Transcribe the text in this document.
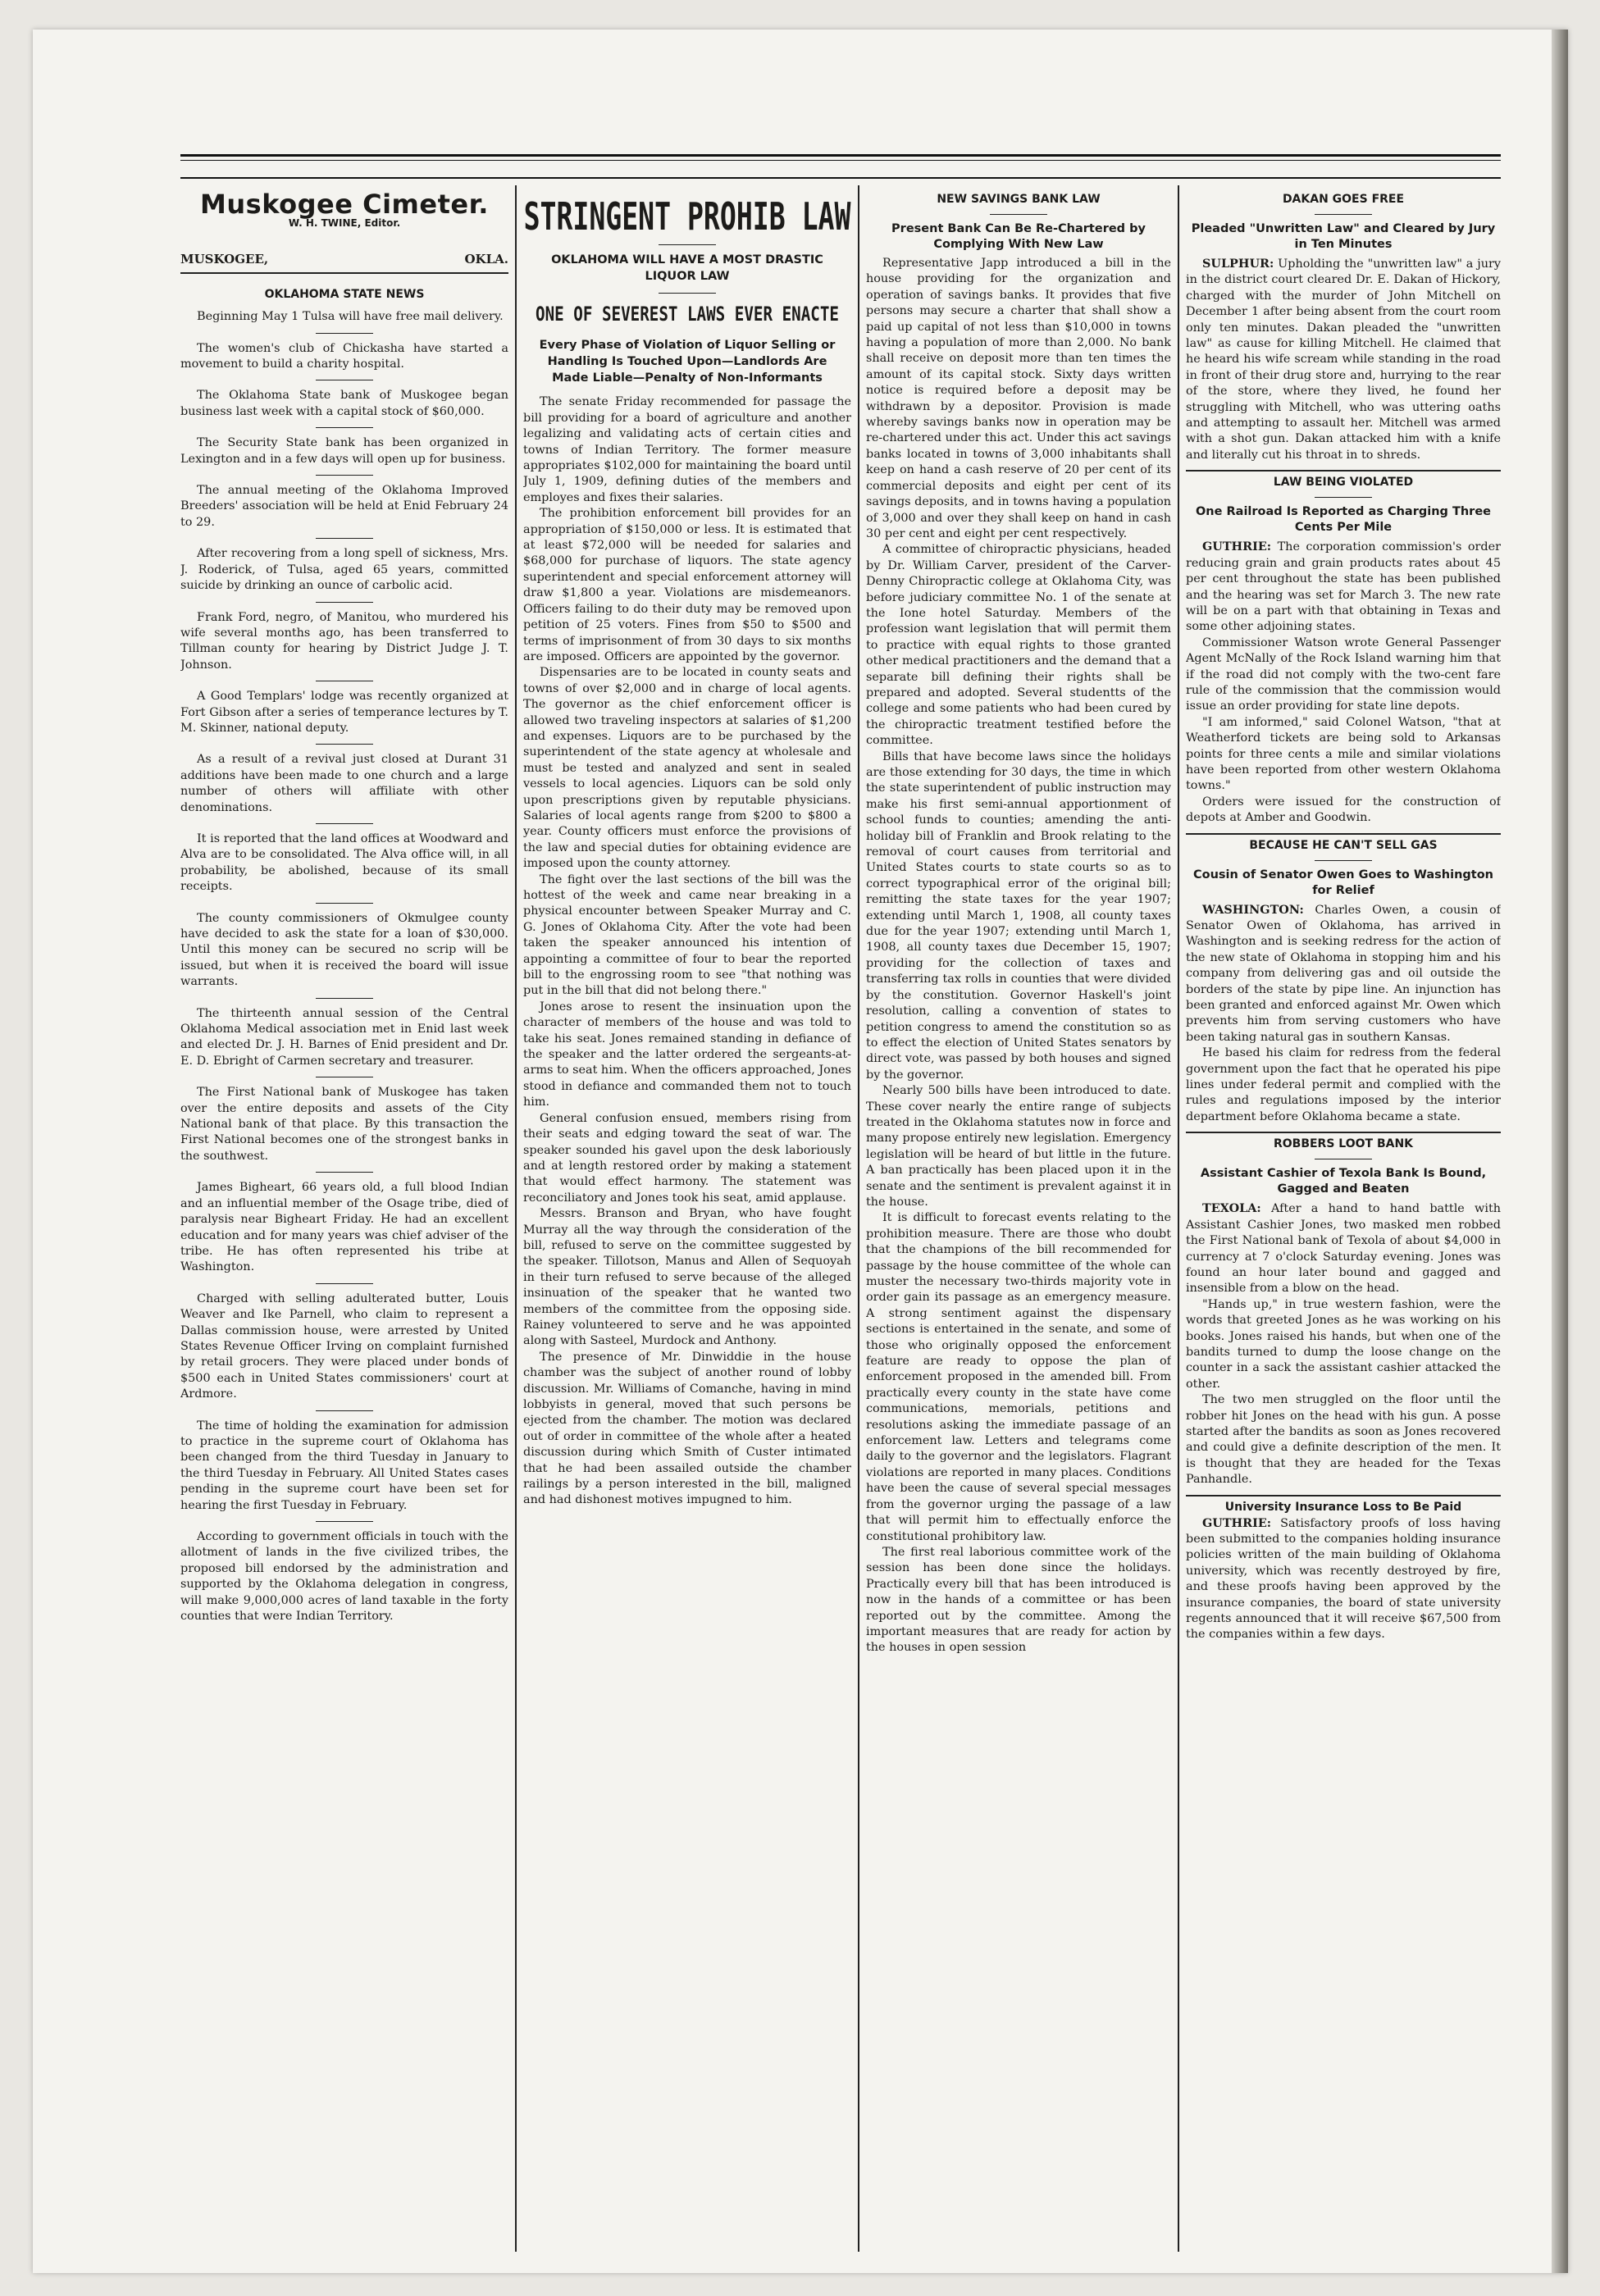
Muskogee Cimeter.
W. H. TWINE, Editor.
MUSKOGEE,	OKLA.
OKLAHOMA STATE NEWS

Beginning May 1 Tulsa will have free mail delivery.

The women's club of Chickasha have started a movement to build a charity hospital.

The Oklahoma State bank of Muskogee began business last week with a capital stock of $60,000.

The Security State bank has been organized in Lexington and in a few days will open up for business.

The annual meeting of the Oklahoma Improved Breeders' association will be held at Enid February 24 to 29.

After recovering from a long spell of sickness, Mrs. J. Roderick, of Tulsa, aged 65 years, committed suicide by drinking an ounce of carbolic acid.

Frank Ford, negro, of Manitou, who murdered his wife several months ago, has been transferred to Tillman county for hearing by District Judge J. T. Johnson.

A Good Templars' lodge was recently organized at Fort Gibson after a series of temperance lectures by T. M. Skinner, national deputy.

As a result of a revival just closed at Durant 31 additions have been made to one church and a large number of others will affiliate with other denominations.

It is reported that the land offices at Woodward and Alva are to be consolidated. The Alva office will, in all probability, be abolished, because of its small receipts.

The county commissioners of Okmulgee county have decided to ask the state for a loan of $30,000. Until this money can be secured no scrip will be issued, but when it is received the board will issue warrants.

The thirteenth annual session of the Central Oklahoma Medical association met in Enid last week and elected Dr. J. H. Barnes of Enid president and Dr. E. D. Ebright of Carmen secretary and treasurer.

The First National bank of Muskogee has taken over the entire deposits and assets of the City National bank of that place. By this transaction the First National becomes one of the strongest banks in the southwest.

James Bigheart, 66 years old, a full blood Indian and an influential member of the Osage tribe, died of paralysis near Bigheart Friday. He had an excellent education and for many years was chief adviser of the tribe. He has often represented his tribe at Washington.

Charged with selling adulterated butter, Louis Weaver and Ike Parnell, who claim to represent a Dallas commission house, were arrested by United States Revenue Officer Irving on complaint furnished by retail grocers. They were placed under bonds of $500 each in United States commissioners' court at Ardmore.

The time of holding the examination for admission to practice in the supreme court of Oklahoma has been changed from the third Tuesday in January to the third Tuesday in February. All United States cases pending in the supreme court have been set for hearing the first Tuesday in February.

According to government officials in touch with the allotment of lands in the five civilized tribes, the proposed bill endorsed by the administration and supported by the Oklahoma delegation in congress, will make 9,000,000 acres of land taxable in the forty counties that were Indian Territory.

STRINGENT PROHIB LAW
OKLAHOMA WILL HAVE A MOST DRASTIC LIQUOR LAW
ONE OF SEVEREST LAWS EVER ENACTE
Every Phase of Violation of Liquor Selling or Handling Is Touched Upon—Landlords Are Made Liable—Penalty of Non-Informants

The senate Friday recommended for passage the bill providing for a board of agriculture and another legalizing and validating acts of certain cities and towns of Indian Territory. The former measure appropriates $102,000 for maintaining the board until July 1, 1909, defining duties of the members and employes and fixes their salaries.

The prohibition enforcement bill provides for an appropriation of $150,000 or less. It is estimated that at least $72,000 will be needed for salaries and $68,000 for purchase of liquors. The state agency superintendent and special enforcement attorney will draw $1,800 a year. Violations are misdemeanors. Officers failing to do their duty may be removed upon petition of 25 voters. Fines from $50 to $500 and terms of imprisonment of from 30 days to six months are imposed. Officers are appointed by the governor.

Dispensaries are to be located in county seats and towns of over $2,000 and in charge of local agents. The governor as the chief enforcement officer is allowed two traveling inspectors at salaries of $1,200 and expenses. Liquors are to be purchased by the superintendent of the state agency at wholesale and must be tested and analyzed and sent in sealed vessels to local agencies. Liquors can be sold only upon prescriptions given by reputable physicians. Salaries of local agents range from $200 to $800 a year. County officers must enforce the provisions of the law and special duties for obtaining evidence are imposed upon the county attorney.

The fight over the last sections of the bill was the hottest of the week and came near breaking in a physical encounter between Speaker Murray and C. G. Jones of Oklahoma City. After the vote had been taken the speaker announced his intention of appointing a committee of four to bear the reported bill to the engrossing room to see "that nothing was put in the bill that did not belong there."

Jones arose to resent the insinuation upon the character of members of the house and was told to take his seat. Jones remained standing in defiance of the speaker and the latter ordered the sergeants-at-arms to seat him. When the officers approached, Jones stood in defiance and commanded them not to touch him.

General confusion ensued, members rising from their seats and edging toward the seat of war. The speaker sounded his gavel upon the desk laboriously and at length restored order by making a statement that would effect harmony. The statement was reconciliatory and Jones took his seat, amid applause.

Messrs. Branson and Bryan, who have fought Murray all the way through the consideration of the bill, refused to serve on the committee suggested by the speaker. Tillotson, Manus and Allen of Sequoyah in their turn refused to serve because of the alleged insinuation of the speaker that he wanted two members of the committee from the opposing side. Rainey volunteered to serve and he was appointed along with Sasteel, Murdock and Anthony.

The presence of Mr. Dinwiddie in the house chamber was the subject of another round of lobby discussion. Mr. Williams of Comanche, having in mind lobbyists in general, moved that such persons be ejected from the chamber. The motion was declared out of order in committee of the whole after a heated discussion during which Smith of Custer intimated that he had been assailed outside the chamber railings by a person interested in the bill, maligned and had dishonest motives impugned to him.

NEW SAVINGS BANK LAW
Present Bank Can Be Re-Chartered by Complying With New Law

Representative Japp introduced a bill in the house providing for the organization and operation of savings banks. It provides that five persons may secure a charter that shall show a paid up capital of not less than $10,000 in towns having a population of more than 2,000. No bank shall receive on deposit more than ten times the amount of its capital stock. Sixty days written notice is required before a deposit may be withdrawn by a depositor. Provision is made whereby savings banks now in operation may be re-chartered under this act. Under this act savings banks located in towns of 3,000 inhabitants shall keep on hand a cash reserve of 20 per cent of its commercial deposits and eight per cent of its savings deposits, and in towns having a population of 3,000 and over they shall keep on hand in cash 30 per cent and eight per cent respectively.

A committee of chiropractic physicians, headed by Dr. William Carver, president of the Carver-Denny Chiropractic college at Oklahoma City, was before judiciary committee No. 1 of the senate at the Ione hotel Saturday. Members of the profession want legislation that will permit them to practice with equal rights to those granted other medical practitioners and the demand that a separate bill defining their rights shall be prepared and adopted. Several studentts of the college and some patients who had been cured by the chiropractic treatment testified before the committee.

Bills that have become laws since the holidays are those extending for 30 days, the time in which the state superintendent of public instruction may make his first semi-annual apportionment of school funds to counties; amending the anti-holiday bill of Franklin and Brook relating to the removal of court causes from territorial and United States courts to state courts so as to correct typographical error of the original bill; remitting the state taxes for the year 1907; extending until March 1, 1908, all county taxes due for the year 1907; extending until March 1, 1908, all county taxes due December 15, 1907; providing for the collection of taxes and transferring tax rolls in counties that were divided by the constitution. Governor Haskell's joint resolution, calling a convention of states to petition congress to amend the constitution so as to effect the election of United States senators by direct vote, was passed by both houses and signed by the governor.

Nearly 500 bills have been introduced to date. These cover nearly the entire range of subjects treated in the Oklahoma statutes now in force and many propose entirely new legislation. Emergency legislation will be heard of but little in the future. A ban practically has been placed upon it in the senate and the sentiment is prevalent against it in the house.

It is difficult to forecast events relating to the prohibition measure. There are those who doubt that the champions of the bill recommended for passage by the house committee of the whole can muster the necessary two-thirds majority vote in order gain its passage as an emergency measure. A strong sentiment against the dispensary sections is entertained in the senate, and some of those who originally opposed the enforcement feature are ready to oppose the plan of enforcement proposed in the amended bill. From practically every county in the state have come communications, memorials, petitions and resolutions asking the immediate passage of an enforcement law. Letters and telegrams come daily to the governor and the legislators. Flagrant violations are reported in many places. Conditions have been the cause of several special messages from the governor urging the passage of a law that will permit him to effectually enforce the constitutional prohibitory law.

The first real laborious committee work of the session has been done since the holidays. Practically every bill that has been introduced is now in the hands of a committee or has been reported out by the committee. Among the important measures that are ready for action by the houses in open session

DAKAN GOES FREE
Pleaded "Unwritten Law" and Cleared by Jury in Ten Minutes

SULPHUR: Upholding the "unwritten law" a jury in the district court cleared Dr. E. Dakan of Hickory, charged with the murder of John Mitchell on December 1 after being absent from the court room only ten minutes. Dakan pleaded the "unwritten law" as cause for killing Mitchell. He claimed that he heard his wife scream while standing in the road in front of their drug store and, hurrying to the rear of the store, where they lived, he found her struggling with Mitchell, who was uttering oaths and attempting to assault her. Mitchell was armed with a shot gun. Dakan attacked him with a knife and literally cut his throat in to shreds.

LAW BEING VIOLATED
One Railroad Is Reported as Charging Three Cents Per Mile

GUTHRIE: The corporation commission's order reducing grain and grain products rates about 45 per cent throughout the state has been published and the hearing was set for March 3. The new rate will be on a part with that obtaining in Texas and some other adjoining states.

Commissioner Watson wrote General Passenger Agent McNally of the Rock Island warning him that if the road did not comply with the two-cent fare rule of the commission that the commission would issue an order providing for state line depots.

"I am informed," said Colonel Watson, "that at Weatherford tickets are being sold to Arkansas points for three cents a mile and similar violations have been reported from other western Oklahoma towns."

Orders were issued for the construction of depots at Amber and Goodwin.

BECAUSE HE CAN'T SELL GAS
Cousin of Senator Owen Goes to Washington for Relief

WASHINGTON: Charles Owen, a cousin of Senator Owen of Oklahoma, has arrived in Washington and is seeking redress for the action of the new state of Oklahoma in stopping him and his company from delivering gas and oil outside the borders of the state by pipe line. An injunction has been granted and enforced against Mr. Owen which prevents him from serving customers who have been taking natural gas in southern Kansas.

He based his claim for redress from the federal government upon the fact that he operated his pipe lines under federal permit and complied with the rules and regulations imposed by the interior department before Oklahoma became a state.

ROBBERS LOOT BANK
Assistant Cashier of Texola Bank Is Bound, Gagged and Beaten

TEXOLA: After a hand to hand battle with Assistant Cashier Jones, two masked men robbed the First National bank of Texola of about $4,000 in currency at 7 o'clock Saturday evening. Jones was found an hour later bound and gagged and insensible from a blow on the head.

"Hands up," in true western fashion, were the words that greeted Jones as he was working on his books. Jones raised his hands, but when one of the bandits turned to dump the loose change on the counter in a sack the assistant cashier attacked the other.

The two men struggled on the floor until the robber hit Jones on the head with his gun. A posse started after the bandits as soon as Jones recovered and could give a definite description of the men. It is thought that they are headed for the Texas Panhandle.

University Insurance Loss to Be Paid

GUTHRIE: Satisfactory proofs of loss having been submitted to the companies holding insurance policies written of the main building of Oklahoma university, which was recently destroyed by fire, and these proofs having been approved by the insurance companies, the board of state university regents announced that it will receive $67,500 from the companies within a few days.
